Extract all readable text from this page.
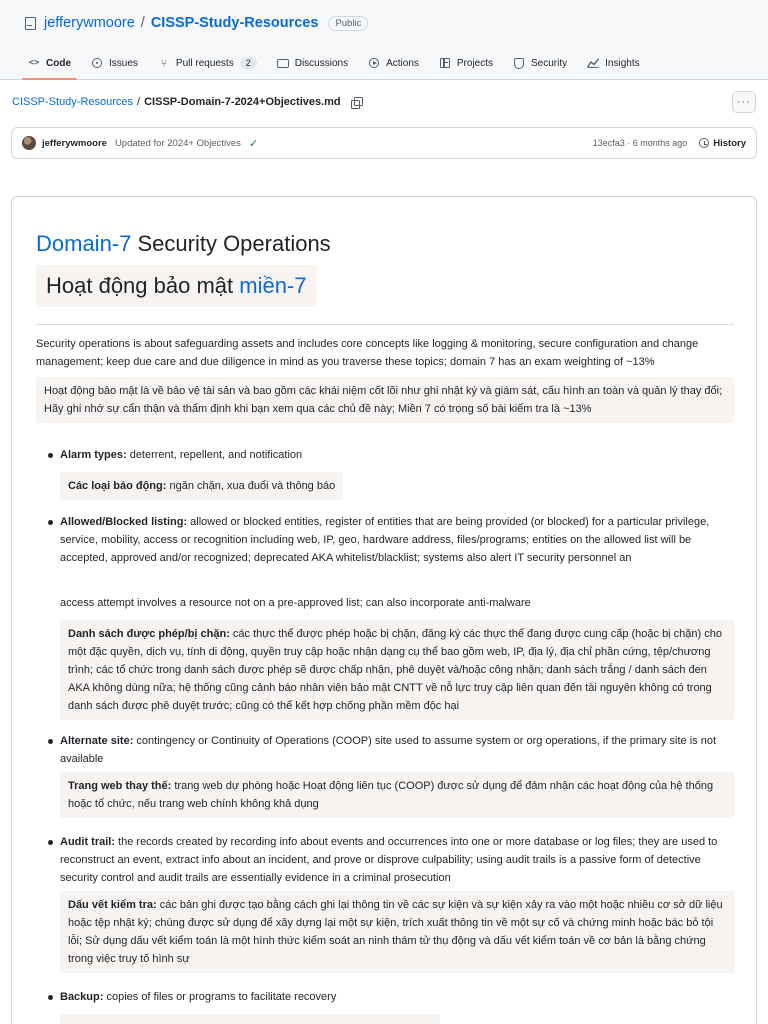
jefferywmoore / CISSP-Study-Resources	Public
<> Code	Issues ⑂ Pull requests	2	Discussions	Actions	Projects	Security	Insights
CISSP-Study-Resources / CISSP-Domain-7-2024+Objectives.md	···
jefferywmoore Updated for 2024+ Objectives ✓	13ecfa3 · 6 months ago	History
Domain-7 Security Operations
Hoạt động bảo mật miền-7
Security operations is about safeguarding assets and includes core concepts like logging & monitoring, secure configuration and change management; keep due care and due diligence in mind as you traverse these topics; domain 7 has an exam weighting of ~13%
Hoạt động bảo mật là về bảo vệ tài sản và bao gồm các khái niệm cốt lõi như ghi nhật ký và giám sát, cấu hình an toàn và quản lý thay đổi; Hãy ghi nhớ sự cẩn thận và thẩm định khi bạn xem qua các chủ đề này; Miền 7 có trọng số bài kiểm tra là ~13%
Alarm types: deterrent, repellent, and notification
Các loại báo động: ngăn chặn, xua đuổi và thông báo
Allowed/Blocked listing: allowed or blocked entities, register of entities that are being provided (or blocked) for a particular privilege, service, mobility, access or recognition including web, IP, geo, hardware address, files/programs; entities on the allowed list will be accepted, approved and/or recognized; deprecated AKA whitelist/blacklist; systems also alert IT security personnel an
access attempt involves a resource not on a pre-approved list; can also incorporate anti-malware
Danh sách được phép/bị chặn: các thực thể được phép hoặc bị chặn, đăng ký các thực thể đang được cung cấp (hoặc bị chặn) cho một đặc quyền, dịch vụ, tính di động, quyền truy cập hoặc nhận dạng cụ thể bao gồm web, IP, địa lý, địa chỉ phần cứng, tệp/chương trình; các tổ chức trong danh sách được phép sẽ được chấp nhận, phê duyệt và/hoặc công nhận; danh sách trắng / danh sách đen AKA không dùng nữa; hệ thống cũng cảnh báo nhân viên bảo mật CNTT về nỗ lực truy cập liên quan đến tài nguyên không có trong danh sách được phê duyệt trước; cũng có thể kết hợp chống phần mềm độc hại
Alternate site: contingency or Continuity of Operations (COOP) site used to assume system or org operations, if the primary site is not available
Trang web thay thế: trang web dự phòng hoặc Hoạt động liên tục (COOP) được sử dụng để đảm nhận các hoạt động của hệ thống hoặc tổ chức, nếu trang web chính không khả dụng
Audit trail: the records created by recording info about events and occurrences into one or more database or log files; they are used to reconstruct an event, extract info about an incident, and prove or disprove culpability; using audit trails is a passive form of detective security control and audit trails are essentially evidence in a criminal prosecution
Dấu vết kiểm tra: các bản ghi được tạo bằng cách ghi lại thông tin về các sự kiện và sự kiện xảy ra vào một hoặc nhiều cơ sở dữ liệu hoặc tệp nhật ký; chúng được sử dụng để xây dựng lại một sự kiện, trích xuất thông tin về một sự cố và chứng minh hoặc bác bỏ tội lỗi; Sử dụng dấu vết kiểm toán là một hình thức kiểm soát an ninh thám tử thụ động và dấu vết kiểm toán về cơ bản là bằng chứng trong việc truy tố hình sự
Backup: copies of files or programs to facilitate recovery
